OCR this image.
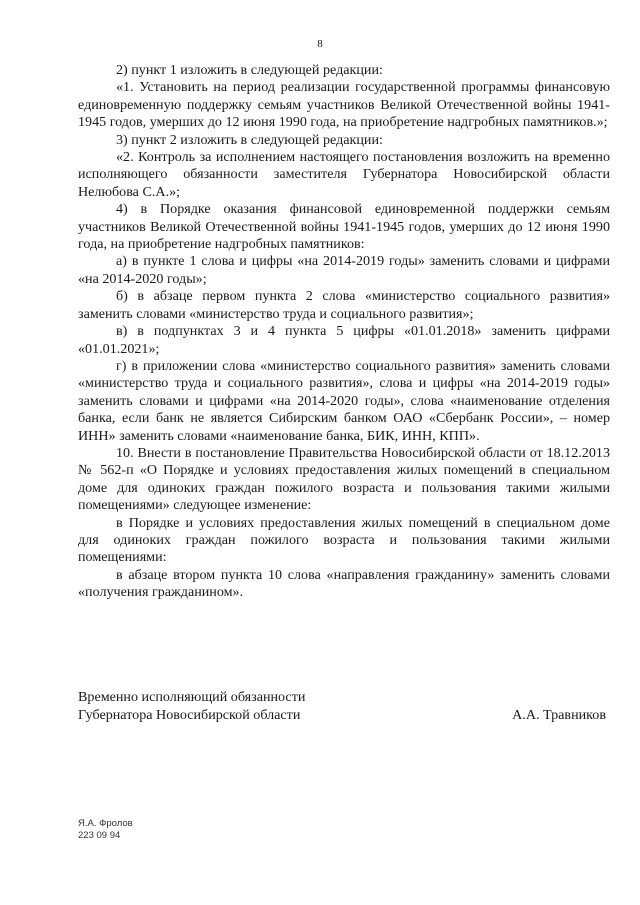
8

2) пункт 1 изложить в следующей редакции:

«1. Установить на период реализации государственной программы финансовую единовременную поддержку семьям участников Великой Отечественной войны 1941-1945 годов, умерших до 12 июня 1990 года, на приобретение надгробных памятников.»;

3) пункт 2 изложить в следующей редакции:

«2. Контроль за исполнением настоящего постановления возложить на временно исполняющего обязанности заместителя Губернатора Новосибирской области Нелюбова С.А.»;

4) в Порядке оказания финансовой единовременной поддержки семьям участников Великой Отечественной войны 1941-1945 годов, умерших до 12 июня 1990 года, на приобретение надгробных памятников:

а) в пункте 1 слова и цифры «на 2014-2019 годы» заменить словами и цифрами «на 2014-2020 годы»;

б) в абзаце первом пункта 2 слова «министерство социального развития» заменить словами «министерство труда и социального развития»;

в) в подпунктах 3 и 4 пункта 5 цифры «01.01.2018» заменить цифрами «01.01.2021»;

г) в приложении слова «министерство социального развития» заменить словами «министерство труда и социального развития», слова и цифры «на 2014-2019 годы» заменить словами и цифрами «на 2014-2020 годы», слова «наименование отделения банка, если банк не является Сибирским банком ОАО «Сбербанк России», – номер ИНН» заменить словами «наименование банка, БИК, ИНН, КПП».

10. Внести в постановление Правительства Новосибирской области от 18.12.2013 № 562-п «О Порядке и условиях предоставления жилых помещений в специальном доме для одиноких граждан пожилого возраста и пользования такими жилыми помещениями» следующее изменение:

в Порядке и условиях предоставления жилых помещений в специальном доме для одиноких граждан пожилого возраста и пользования такими жилыми помещениями:

в абзаце втором пункта 10 слова «направления гражданину» заменить словами «получения гражданином».

Временно исполняющий обязанности
Губернатора Новосибирской области	А.А. Травников
Я.А. Фролов
223 09 94
